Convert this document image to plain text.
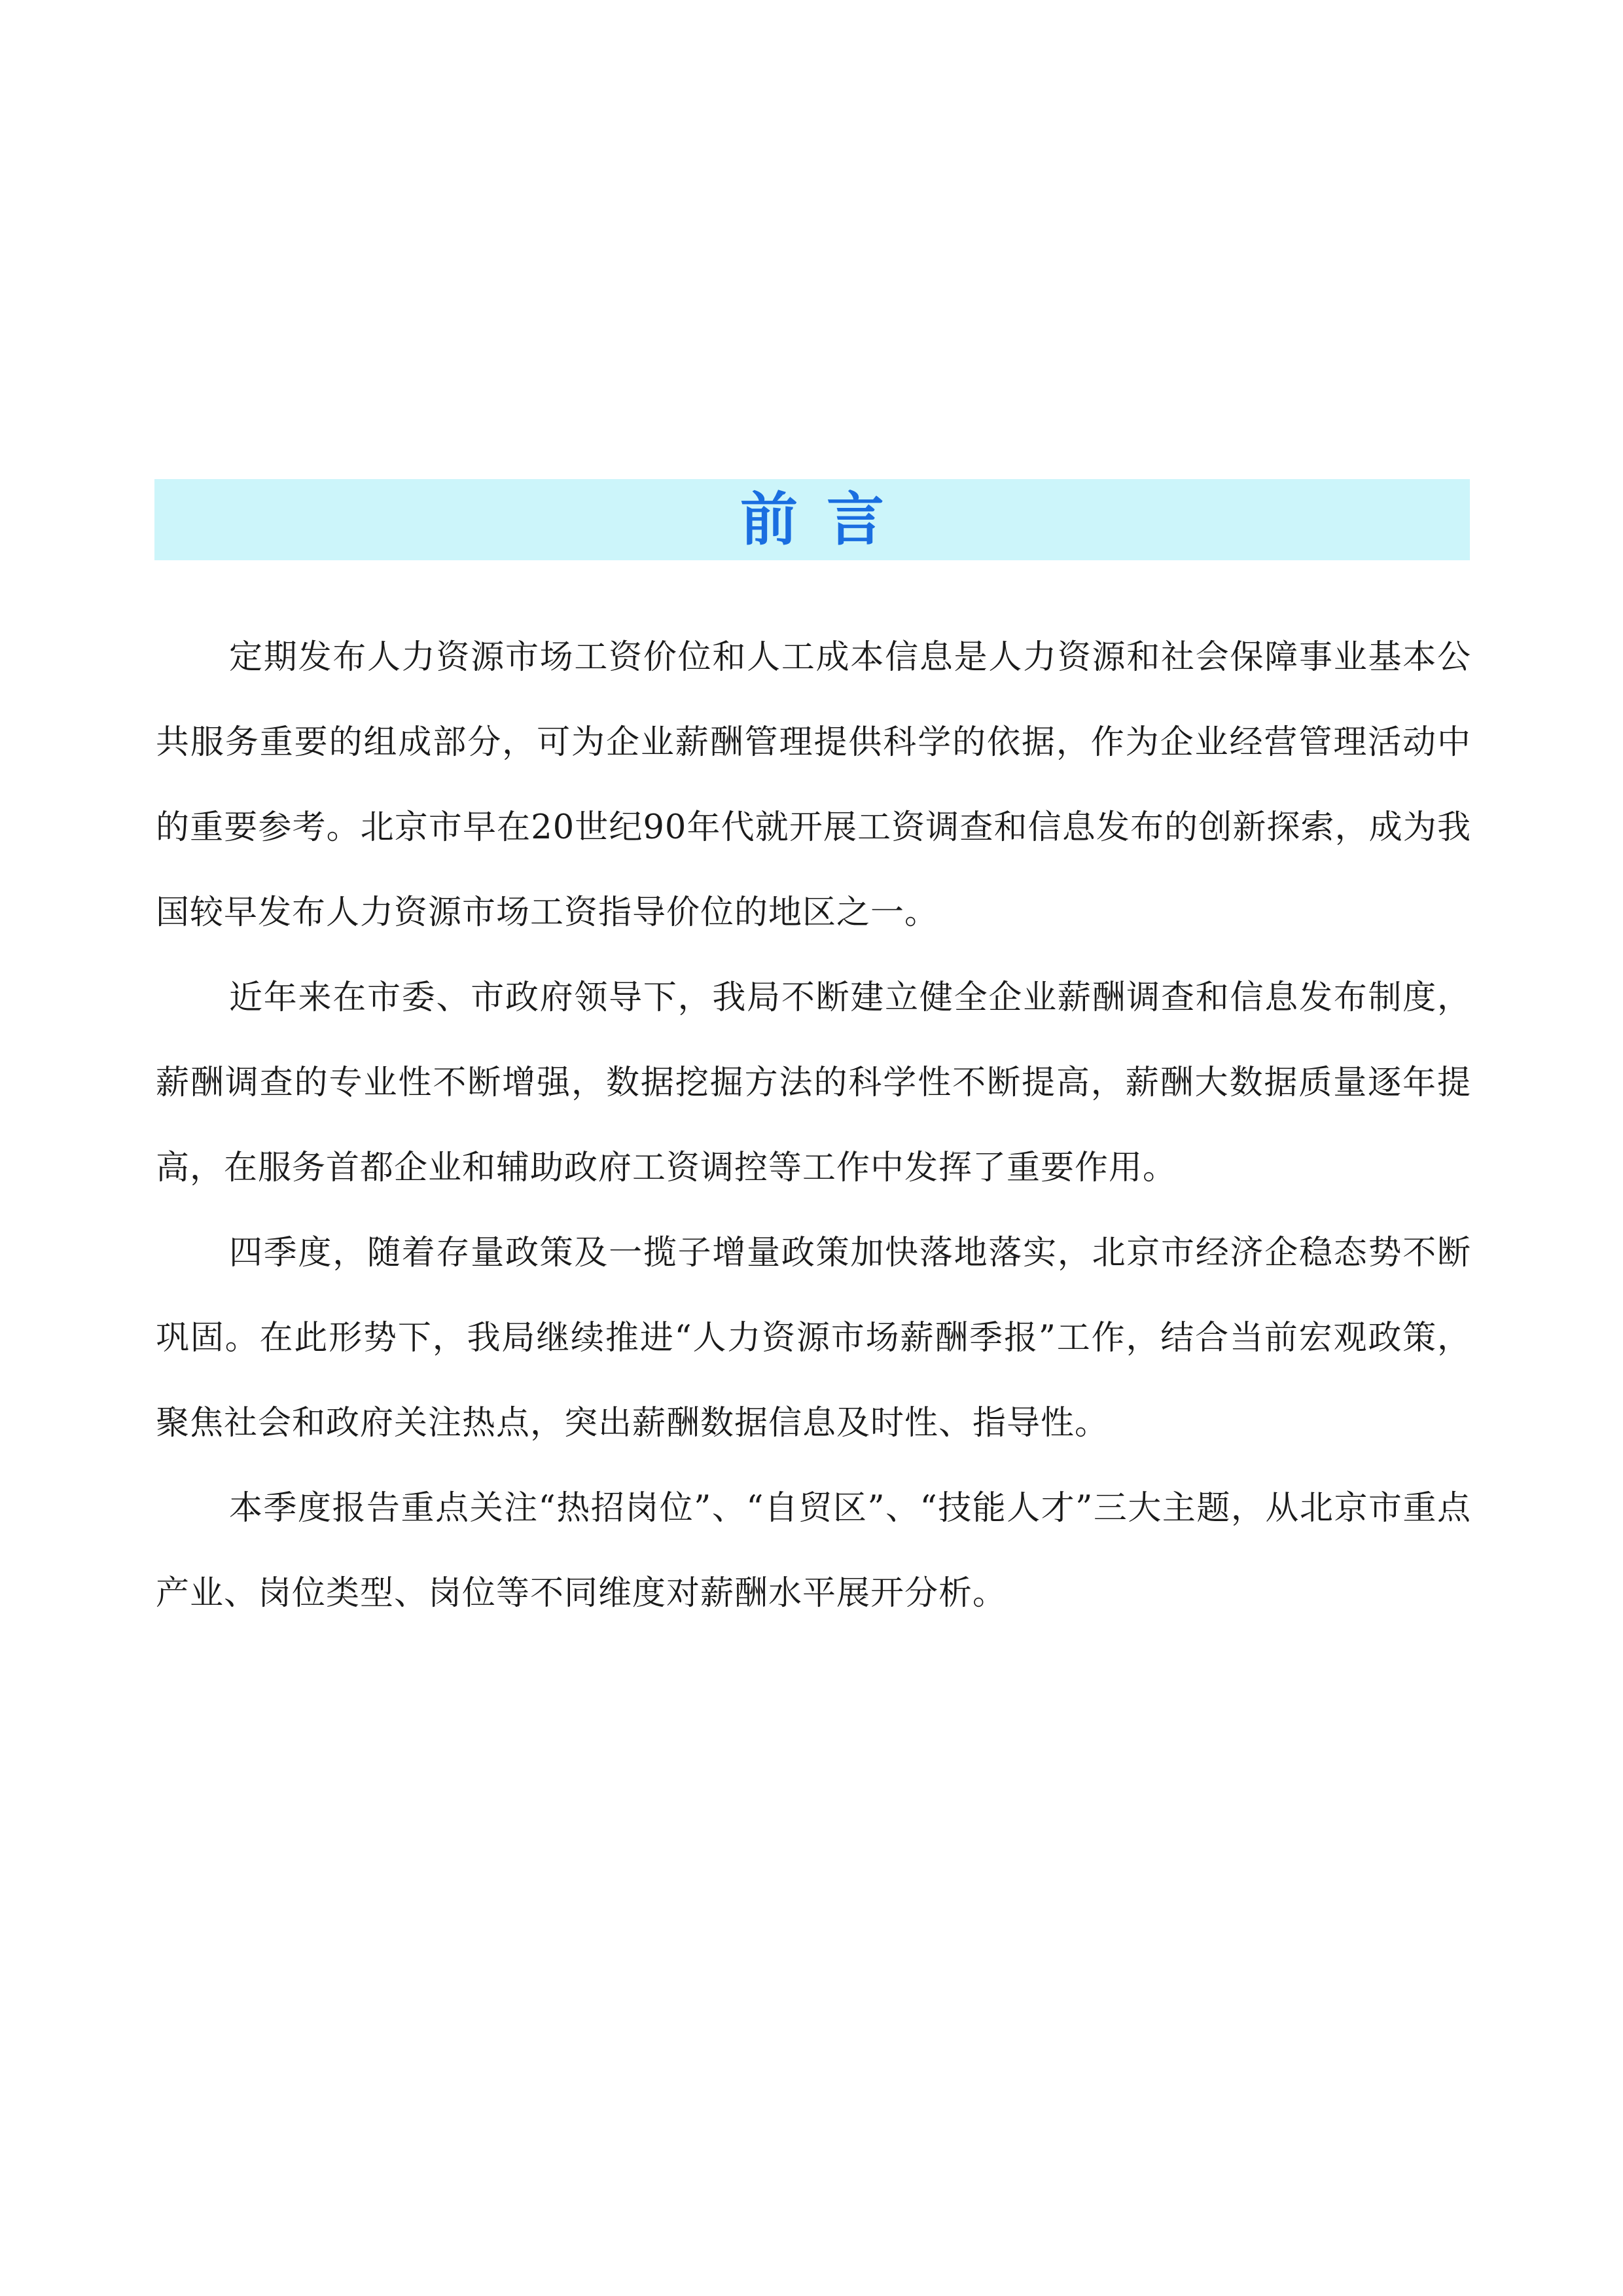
前言

定期发布人力资源市场工资价位和人工成本信息是人力资源和社会保障事业基本公共服务重要的组成部分，可为企业薪酬管理提供科学的依据，作为企业经营管理活动中的重要参考。北京市早在20世纪90年代就开展工资调查和信息发布的创新探索，成为我国较早发布人力资源市场工资指导价位的地区之一。

近年来在市委、市政府领导下，我局不断建立健全企业薪酬调查和信息发布制度，薪酬调查的专业性不断增强，数据挖掘方法的科学性不断提高，薪酬大数据质量逐年提高，在服务首都企业和辅助政府工资调控等工作中发挥了重要作用。

四季度，随着存量政策及一揽子增量政策加快落地落实，北京市经济企稳态势不断巩固。在此形势下，我局继续推进“人力资源市场薪酬季报”工作，结合当前宏观政策，聚焦社会和政府关注热点，突出薪酬数据信息及时性、指导性。

本季度报告重点关注“热招岗位”、“自贸区”、“技能人才”三大主题，从北京市重点产业、岗位类型、岗位等不同维度对薪酬水平展开分析。
